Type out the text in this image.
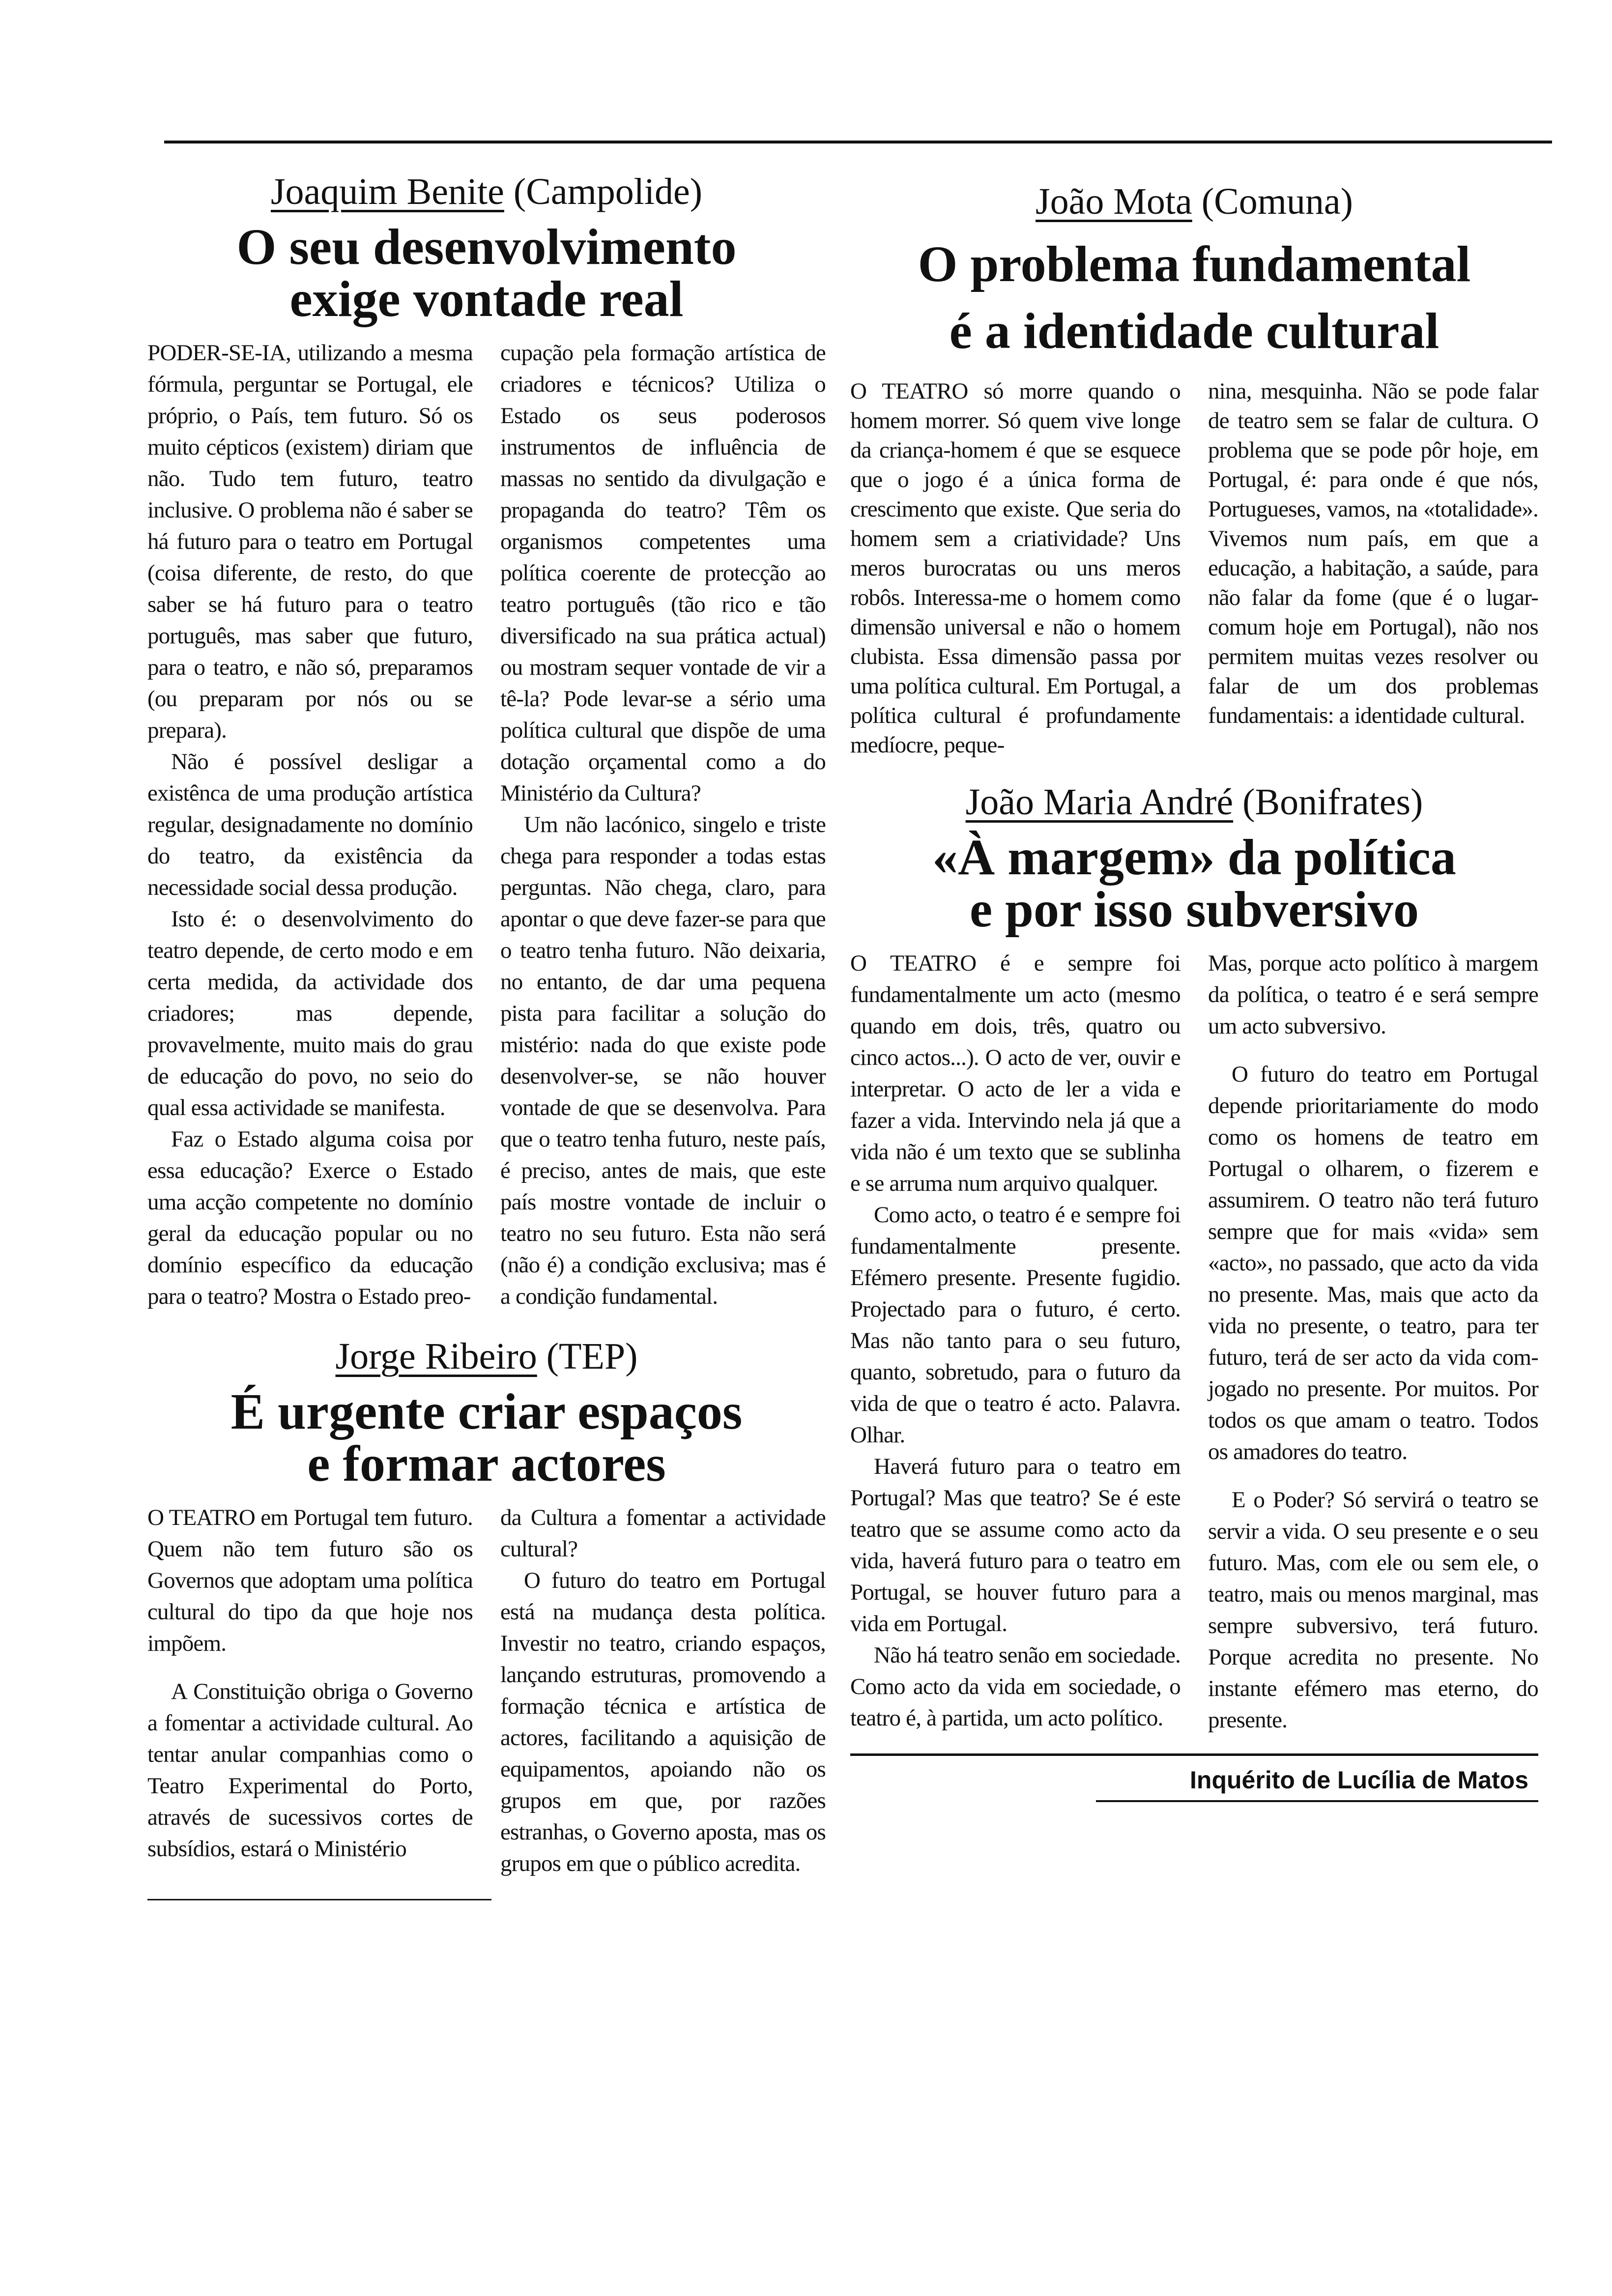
Joaquim Benite (Campolide)
O seu desenvolvimento
exige vontade real

PODER-SE-IA, utilizando a mesma fórmula, perguntar se Portugal, ele próprio, o País, tem futuro. Só os muito cépticos (existem) diriam que não. Tudo tem futuro, teatro inclusive. O problema não é saber se há futuro para o teatro em Portugal (coisa diferente, de resto, do que saber se há futuro para o teatro português, mas saber que futuro, para o teatro, e não só, preparamos (ou preparam por nós ou se prepara).

Não é possível desligar a existênca de uma produção artística regular, designadamente no domínio do teatro, da existência da necessidade social dessa produção.

Isto é: o desenvolvimento do teatro depende, de certo modo e em certa medida, da actividade dos criadores; mas depende, provavelmente, muito mais do grau de educação do povo, no seio do qual essa actividade se manifesta.

Faz o Estado alguma coisa por essa educação? Exerce o Estado uma acção competente no domínio geral da educação popular ou no domínio específico da educação para o teatro? Mostra o Estado preo-

cupação pela formação artística de criadores e técnicos? Utiliza o Estado os seus poderosos instrumentos de influência de massas no sentido da divulgação e propaganda do teatro? Têm os organismos competentes uma política coerente de protecção ao teatro português (tão rico e tão diversificado na sua prática actual) ou mostram sequer vontade de vir a tê-la? Pode levar-se a sério uma política cultural que dispõe de uma dotação orçamental como a do Ministério da Cultura?

Um não lacónico, singelo e triste chega para responder a todas estas perguntas. Não chega, claro, para apontar o que deve fazer-se para que o teatro tenha futuro. Não deixaria, no entanto, de dar uma pequena pista para facilitar a solução do mistério: nada do que existe pode desenvolver-se, se não houver vontade de que se desenvolva. Para que o teatro tenha futuro, neste país, é preciso, antes de mais, que este país mostre vontade de incluir o teatro no seu futuro. Esta não será (não é) a condição exclusiva; mas é a condição fundamental.

Jorge Ribeiro (TEP)
É urgente criar espaços
e formar actores

O TEATRO em Portugal tem futuro. Quem não tem futuro são os Governos que adoptam uma política cultural do tipo da que hoje nos impõem.

A Constituição obriga o Governo a fomentar a actividade cultural. Ao tentar anular companhias como o Teatro Experimental do Porto, através de sucessivos cortes de subsídios, estará o Ministério

da Cultura a fomentar a actividade cultural?

O futuro do teatro em Portugal está na mudança desta política. Investir no teatro, criando espaços, lançando estruturas, promovendo a formação técnica e artística de actores, facilitando a aquisição de equipamentos, apoiando não os grupos em que, por razões estranhas, o Governo aposta, mas os grupos em que o público acredita.

João Mota (Comuna)
O problema fundamental
é a identidade cultural

O TEATRO só morre quando o homem morrer. Só quem vive longe da criança-homem é que se esquece que o jogo é a única forma de crescimento que existe. Que seria do homem sem a criatividade? Uns meros burocratas ou uns meros robôs. Interessa-me o homem como dimensão universal e não o homem clubista. Essa dimensão passa por uma política cultural. Em Portugal, a política cultural é profundamente medíocre, peque-

nina, mesquinha. Não se pode falar de teatro sem se falar de cultura. O problema que se pode pôr hoje, em Portugal, é: para onde é que nós, Portugueses, vamos, na «totalidade». Vivemos num país, em que a educação, a habitação, a saúde, para não falar da fome (que é o lugar-comum hoje em Portugal), não nos permitem muitas vezes resolver ou falar de um dos problemas fundamentais: a identidade cultural.

João Maria André (Bonifrates)
«À margem» da política
e por isso subversivo

O TEATRO é e sempre foi fundamentalmente um acto (mesmo quando em dois, três, quatro ou cinco actos...). O acto de ver, ouvir e interpretar. O acto de ler a vida e fazer a vida. Intervindo nela já que a vida não é um texto que se sublinha e se arruma num arquivo qualquer.

Como acto, o teatro é e sempre foi fundamentalmente presente. Efémero presente. Presente fugidio. Projectado para o futuro, é certo. Mas não tanto para o seu futuro, quanto, sobretudo, para o futuro da vida de que o teatro é acto. Palavra. Olhar.

Haverá futuro para o teatro em Portugal? Mas que teatro? Se é este teatro que se assume como acto da vida, haverá futuro para o teatro em Portugal, se houver futuro para a vida em Portugal.

Não há teatro senão em sociedade. Como acto da vida em sociedade, o teatro é, à partida, um acto político.

Mas, porque acto político à margem da política, o teatro é e será sempre um acto subversivo.

O futuro do teatro em Portugal depende prioritariamente do modo como os homens de teatro em Portugal o olharem, o fizerem e assumirem. O teatro não terá futuro sempre que for mais «vida» sem «acto», no passado, que acto da vida no presente. Mas, mais que acto da vida no presente, o teatro, para ter futuro, terá de ser acto da vida com-jogado no presente. Por muitos. Por todos os que amam o teatro. Todos os amadores do teatro.

E o Poder? Só servirá o teatro se servir a vida. O seu presente e o seu futuro. Mas, com ele ou sem ele, o teatro, mais ou menos marginal, mas sempre subversivo, terá futuro. Porque acredita no presente. No instante efémero mas eterno, do presente.

Inquérito de Lucília de Matos
